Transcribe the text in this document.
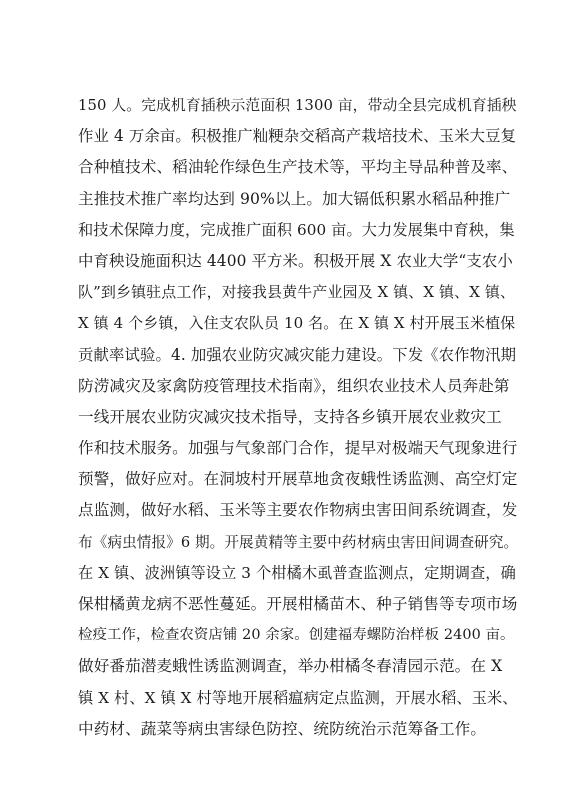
150 人。完成机育插秧示范面积 1300 亩，带动全县完成机育插秧
作业 4 万余亩。积极推广籼粳杂交稻高产栽培技术、玉米大豆复
合种植技术、稻油轮作绿色生产技术等，平均主导品种普及率、
主推技术推广率均达到 90%以上。加大镉低积累水稻品种推广
和技术保障力度，完成推广面积 600 亩。大力发展集中育秧，集
中育秧设施面积达 4400 平方米。积极开展 X 农业大学“支农小
队”到乡镇驻点工作，对接我县黄牛产业园及 X 镇、X 镇、X 镇、
X 镇 4 个乡镇，入住支农队员 10 名。在 X 镇 X 村开展玉米植保
贡献率试验。4. 加强农业防灾减灾能力建设。下发《农作物汛期
防涝减灾及家禽防疫管理技术指南》，组织农业技术人员奔赴第
一线开展农业防灾减灾技术指导，支持各乡镇开展农业救灾工
作和技术服务。加强与气象部门合作，提早对极端天气现象进行
预警，做好应对。在洞坡村开展草地贪夜蛾性诱监测、高空灯定
点监测，做好水稻、玉米等主要农作物病虫害田间系统调查，发
布《病虫情报》6 期。开展黄精等主要中药材病虫害田间调查研究。
在 X 镇、波洲镇等设立 3 个柑橘木虱普查监测点，定期调查，确
保柑橘黄龙病不恶性蔓延。开展柑橘苗木、种子销售等专项市场
检疫工作，检查农资店铺 20 余家。创建福寿螺防治样板 2400 亩。
做好番茄潜麦蛾性诱监测调查，举办柑橘冬春清园示范。在 X
镇 X 村、X 镇 X 村等地开展稻瘟病定点监测，开展水稻、玉米、
中药材、蔬菜等病虫害绿色防控、统防统治示范筹备工作。
